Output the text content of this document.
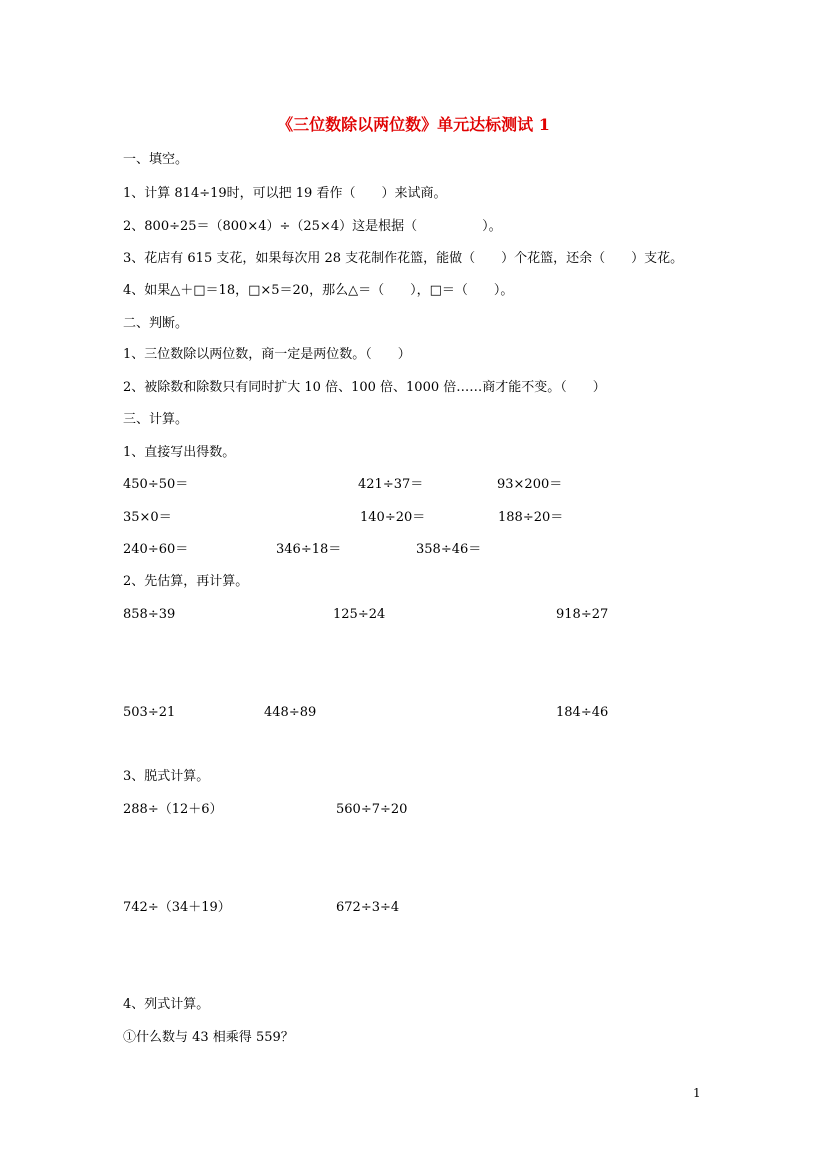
《三位数除以两位数》单元达标测试 1
一、填空。
1、计算 814÷19时，可以把 19 看作（　　）来试商。
2、800÷25＝（800×4）÷（25×4）这是根据（　　　　　）。
3、花店有 615 支花，如果每次用 28 支花制作花篮，能做（　　）个花篮，还余（　　）支花。
4、如果△＋□＝18，□×5＝20，那么△＝（　　），□＝（　　）。
二、判断。
1、三位数除以两位数，商一定是两位数。（　　）
2、被除数和除数只有同时扩大 10 倍、100 倍、1000 倍……商才能不变。（　　）
三、计算。
1、直接写出得数。
450÷50＝	421÷37＝	93×200＝
35×0＝	140÷20＝	188÷20＝
240÷60＝	346÷18＝	358÷46＝
2、先估算，再计算。
858÷39	125÷24	918÷27
503÷21	448÷89	184÷46
3、脱式计算。
288÷（12＋6）	560÷7÷20
742÷（34＋19）	672÷3÷4
4、列式计算。
①什么数与 43 相乘得 559？
1
